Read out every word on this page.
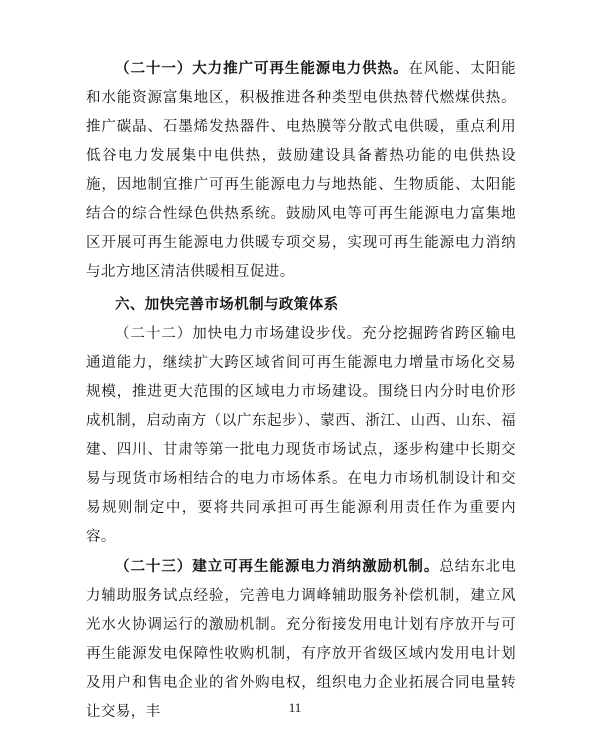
（二十一）大力推广可再生能源电力供热。在风能、太阳能和水能资源富集地区，积极推进各种类型电供热替代燃煤供热。推广碳晶、石墨烯发热器件、电热膜等分散式电供暖，重点利用低谷电力发展集中电供热，鼓励建设具备蓄热功能的电供热设施，因地制宜推广可再生能源电力与地热能、生物质能、太阳能结合的综合性绿色供热系统。鼓励风电等可再生能源电力富集地区开展可再生能源电力供暖专项交易，实现可再生能源电力消纳与北方地区清洁供暖相互促进。

六、加快完善市场机制与政策体系

（二十二）加快电力市场建设步伐。充分挖掘跨省跨区输电通道能力，继续扩大跨区域省间可再生能源电力增量市场化交易规模，推进更大范围的区域电力市场建设。围绕日内分时电价形成机制，启动南方（以广东起步）、蒙西、浙江、山西、山东、福建、四川、甘肃等第一批电力现货市场试点，逐步构建中长期交易与现货市场相结合的电力市场体系。在电力市场机制设计和交易规则制定中，要将共同承担可再生能源利用责任作为重要内容。

（二十三）建立可再生能源电力消纳激励机制。总结东北电力辅助服务试点经验，完善电力调峰辅助服务补偿机制，建立风光水火协调运行的激励机制。充分衔接发用电计划有序放开与可再生能源发电保障性收购机制，有序放开省级区域内发用电计划及用户和售电企业的省外购电权，组织电力企业拓展合同电量转让交易，丰	11
